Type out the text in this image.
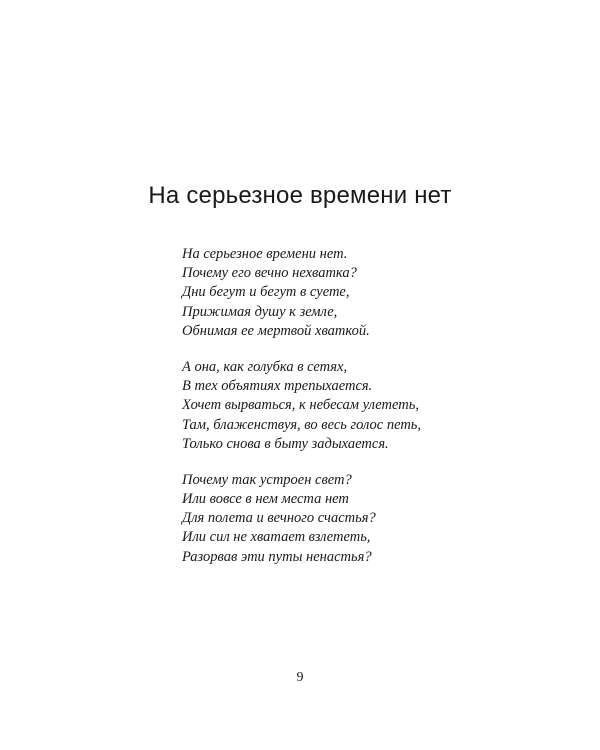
На серьезное времени нет
На серьезное времени нет.
Почему его вечно нехватка?
Дни бегут и бегут в суете,
Прижимая душу к земле,
Обнимая ее мертвой хваткой.
А она, как голубка в сетях,
В тех объятиях трепыхается.
Хочет вырваться, к небесам улететь,
Там, блаженствуя, во весь голос петь,
Только снова в быту задыхается.
Почему так устроен свет?
Или вовсе в нем места нет
Для полета и вечного счастья?
Или сил не хватает взлететь,
Разорвав эти путы ненастья?
9
